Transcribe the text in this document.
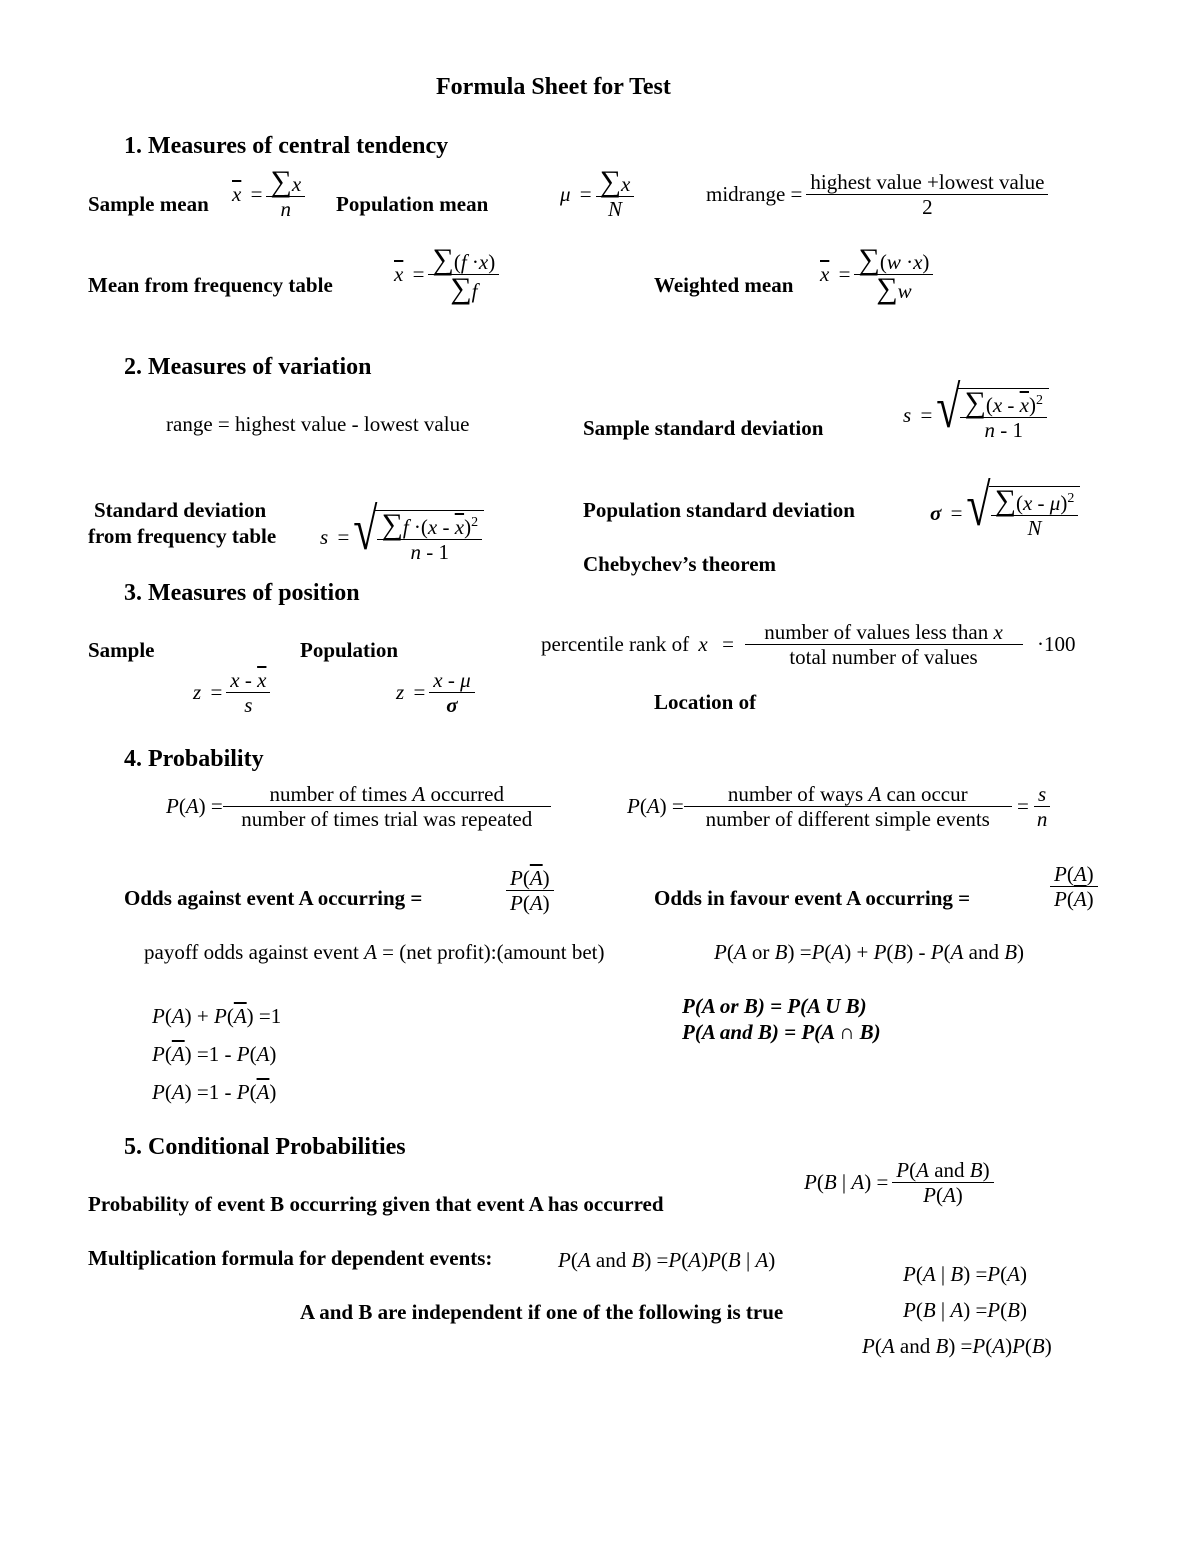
Formula Sheet for Test
1. Measures of central tendency
Sample mean $\overline{x} = \frac{\sum x}{n}$ Population mean	$\mu = \frac{\sum x}{N}$	midrange = $\frac{\text{highest value +lowest value}}{2}$
Mean from frequency table	$\overline{x} = \frac{\sum(f \cdot x)}{\sum f}$	Weighted mean $\overline{x} = \frac{\sum(w \cdot x)}{\sum w}$
2. Measures of variation
range = highest value - lowest value	Sample standard deviation
s = √
$\frac{\sum(x - \overline{x})^2}{n - 1}$
Standard deviation
from frequency table s = √
$\frac{\sum f \cdot(x - \overline{x})^2}{n - 1}$	Population standard deviation	σ = √
$\frac{\sum(x - \mu)^2}{N}$
Chebychev’s theorem
3. Measures of position
Sample	Population
$z = \frac{x - \overline{x}}{s}$	$z = \frac{x - \mu}{\sigma}$
percentile rank of $x = \frac{\text{number of values less than x}}{\text{total number of values}}$
·100
Location of
4. Probability
$P(A) = \frac{\text{number of times A occurred}}{\text{number of times trial was repeated}}$	$P(A) = \frac{\text{number of ways A can occur}}{\text{number of different simple events}} = \frac{s}{n}$
Odds against event A occurring =	$\frac{P(\overline{A})}{P(A)}$	Odds in favour event A occurring =	$\frac{P(A)}{P(\overline{A})}$
payoff odds against event A = (net profit):(amount bet)	P(A or B) =P(A) + P(B) - P(A and B)
$P(A) + P(\overline{A}) =1$
$P(\overline{A}) =1 - P(A)$
$P(A) =1 - P(\overline{A})$
P(A or B) = P(A U B)
P(A and B) = P(A ∩ B)
5. Conditional Probabilities
Probability of event B occurring given that event A has occurred
P(B | $A) = \frac{\text{P(A and B)}}{P(A)}$
Multiplication formula for dependent events:	P(A and B) =P(A)P(B | A)
P(A | B) =P(A)
A and B are independent if one of the following is true	P(B | A) =P(B)
P(A and B) =P(A)P(B)
